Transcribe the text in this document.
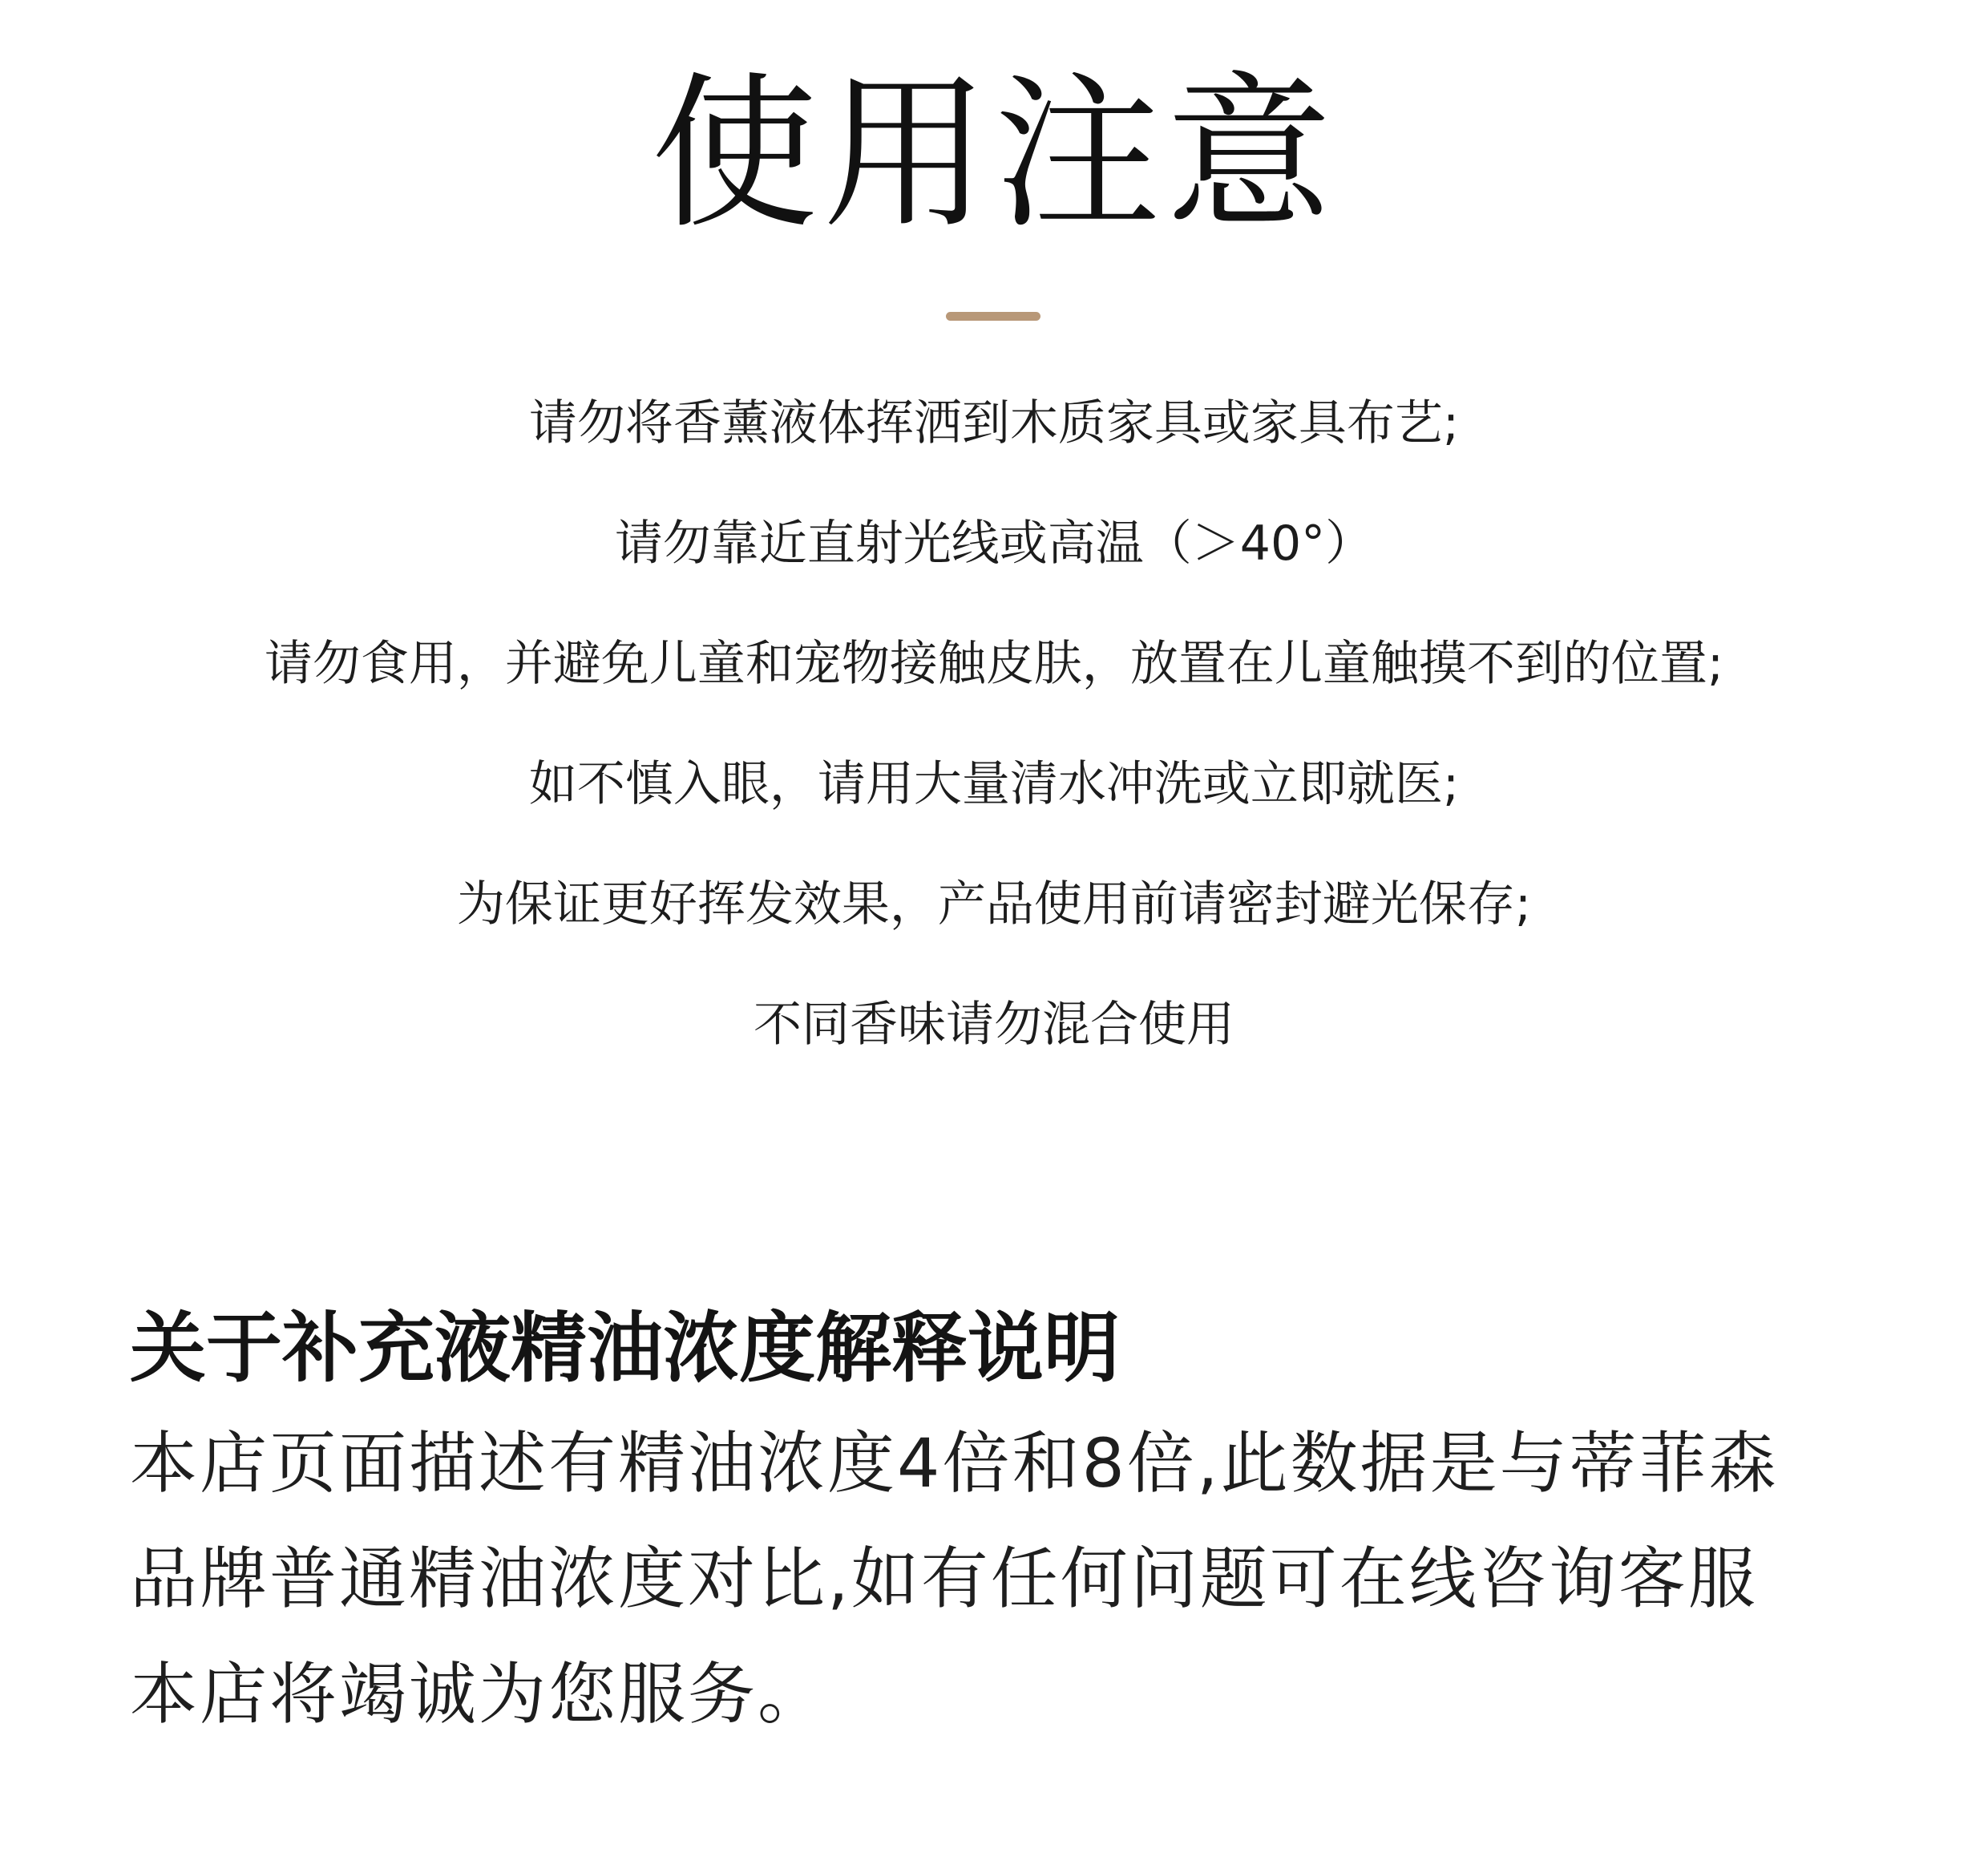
使用注意
请勿将香薰液体挥洒到木质家具或家具布艺;
请勿靠近直射光线或高温（＞40°）
请勿食用，并避免儿童和宠物接触皮肤，放置在儿童触摸不到的位置;
如不慎入眼，请用大量清水冲洗或立即就医;
为保证更好挥发效果，产品使用前请密封避光保存;
不同香味请勿混合使用
关于补充液精油浓度解释说明
本店页面描述有精油浓度4倍和8倍,此数据是与蒂菲森
品牌普通精油浓度对比,如有任何问题可在线咨询客服
本店将竭诚为您服务。
